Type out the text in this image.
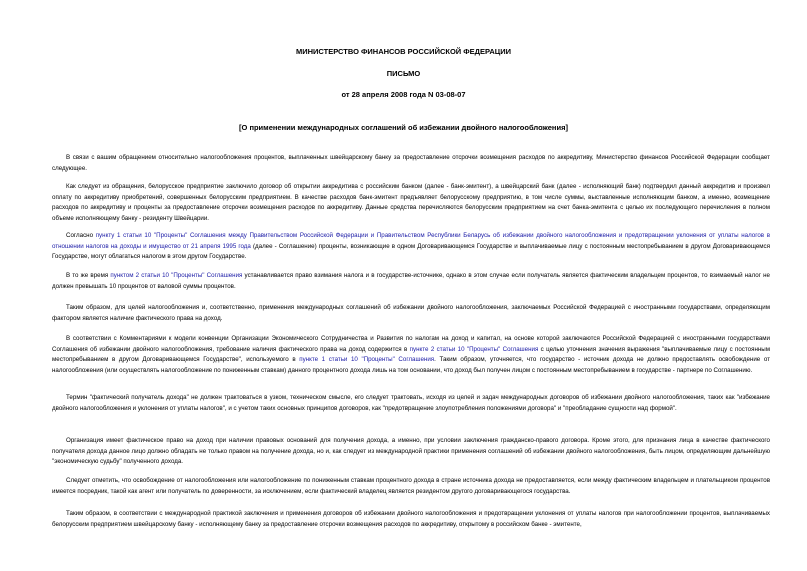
МИНИСТЕРСТВО ФИНАНСОВ РОССИЙСКОЙ ФЕДЕРАЦИИ
ПИСЬМО
от 28 апреля 2008 года N 03-08-07
[О применении международных соглашений об избежании двойного налогообложения]

В связи с вашим обращением относительно налогообложения процентов, выплаченных швейцарскому банку за предоставление отсрочки возмещения расходов по аккредитиву, Министерство финансов Российской Федерации сообщает следующее.

Как следует из обращения, белорусское предприятие заключило договор об открытии аккредитива с российским банком (далее - банк-эмитент), а швейцарский банк (далее - исполняющий банк) подтвердил данный аккредитив и произвел оплату по аккредитиву приобретений, совершенных белорусским предприятием. В качестве расходов банк-эмитент предъявляет белорусскому предприятию, в том числе суммы, выставленные исполняющим банком, а именно, возмещение расходов по аккредитиву и проценты за предоставление отсрочки возмещения расходов по аккредитиву. Данные средства перечисляются белорусским предприятием на счет банка-эмитента с целью их последующего перечисления в полном объеме исполняющему банку - резиденту Швейцарии.

Согласно пункту 1 статьи 10 "Проценты" Соглашения между Правительством Российской Федерации и Правительством Республики Беларусь об избежании двойного налогообложения и предотвращении уклонения от уплаты налогов в отношении налогов на доходы и имущество от 21 апреля 1995 года (далее - Соглашение) проценты, возникающие в одном Договаривающемся Государстве и выплачиваемые лицу с постоянным местопребыванием в другом Договаривающемся Государстве, могут облагаться налогом в этом другом Государстве.

В то же время пунктом 2 статьи 10 "Проценты" Соглашения устанавливается право взимания налога и в государстве-источнике, однако в этом случае если получатель является фактическим владельцем процентов, то взимаемый налог не должен превышать 10 процентов от валовой суммы процентов.

Таким образом, для целей налогообложения и, соответственно, применения международных соглашений об избежании двойного налогообложения, заключаемых Российской Федерацией с иностранными государствами, определяющим фактором является наличие фактического права на доход.

В соответствии с Комментариями к модели конвенции Организации Экономического Сотрудничества и Развития по налогам на доход и капитал, на основе которой заключаются Российской Федерацией с иностранными государствами Соглашения об избежании двойного налогообложения, требование наличия фактического права на доход содержится в пункте 2 статьи 10 "Проценты" Соглашения с целью уточнения значения выражения "выплачиваемые лицу с постоянным местопребыванием в другом Договаривающемся Государстве", используемого в пункте 1 статьи 10 "Проценты" Соглашения. Таким образом, уточняется, что государство - источник дохода не должно предоставлять освобождение от налогообложения (или осуществлять налогообложение по пониженным ставкам) данного процентного дохода лишь на том основании, что доход был получен лицом с постоянным местопребыванием в государстве - партнере по Соглашению.

Термин "фактический получатель дохода" не должен трактоваться в узком, техническом смысле, его следует трактовать, исходя из целей и задач международных договоров об избежании двойного налогообложения, таких как "избежание двойного налогообложения и уклонения от уплаты налогов", и с учетом таких основных принципов договоров, как "предотвращение злоупотребления положениями договора" и "преобладание сущности над формой".

Организация имеет фактическое право на доход при наличии правовых оснований для получения дохода, а именно, при условии заключения гражданско-правого договора. Кроме этого, для признания лица в качестве фактического получателя дохода данное лицо должно обладать не только правом на получение дохода, но и, как следует из международной практики применения соглашений об избежании двойного налогообложения, быть лицом, определяющим дальнейшую "экономическую судьбу" полученного дохода.

Следует отметить, что освобождение от налогообложения или налогообложение по пониженным ставкам процентного дохода в стране источника дохода не предоставляется, если между фактическим владельцем и плательщиком процентов имеется посредник, такой как агент или получатель по доверенности, за исключением, если фактический владелец является резидентом другого договаривающегося государства.

Таким образом, в соответствии с международной практикой заключения и применения договоров об избежании двойного налогообложения и предотвращении уклонения от уплаты налогов при налогообложении процентов, выплачиваемых белорусским предприятием швейцарскому банку - исполняющему банку за предоставление отсрочки возмещения расходов по аккредитиву, открытому в российском банке - эмитенте,
